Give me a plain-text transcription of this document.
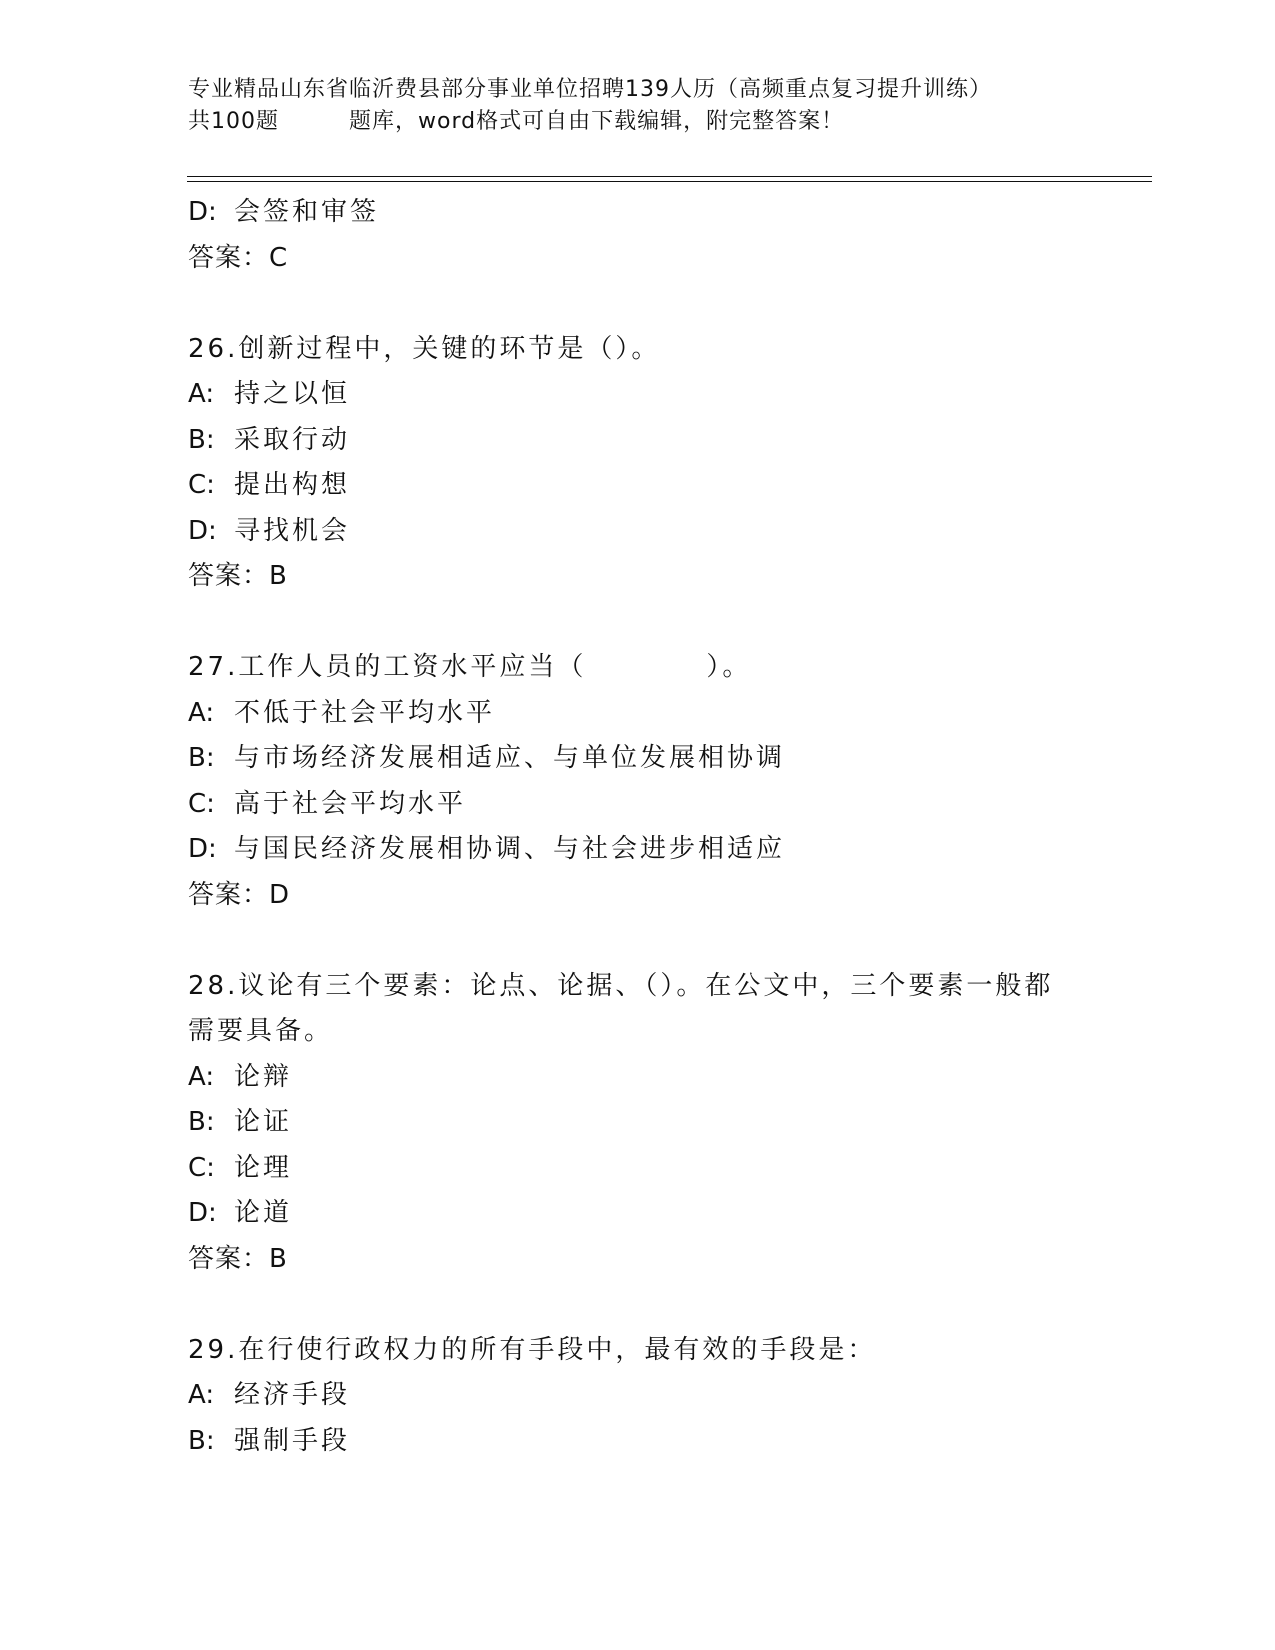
专业精品山东省临沂费县部分事业单位招聘139人历（高频重点复习提升训练）
共100题	题库，word格式可自由下载编辑，附完整答案！
D: 会签和审签
答案：C
26.创新过程中，关键的环节是（）。
A: 持之以恒
B: 采取行动
C: 提出构想
D: 寻找机会
答案：B
27.工作人员的工资水平应当（	）。
A: 不低于社会平均水平
B: 与市场经济发展相适应、与单位发展相协调
C: 高于社会平均水平
D: 与国民经济发展相协调、与社会进步相适应
答案：D
28.议论有三个要素：论点、论据、（）。在公文中，三个要素一般都
需要具备。
A: 论辩
B: 论证
C: 论理
D: 论道
答案：B
29.在行使行政权力的所有手段中，最有效的手段是：
A: 经济手段
B: 强制手段
